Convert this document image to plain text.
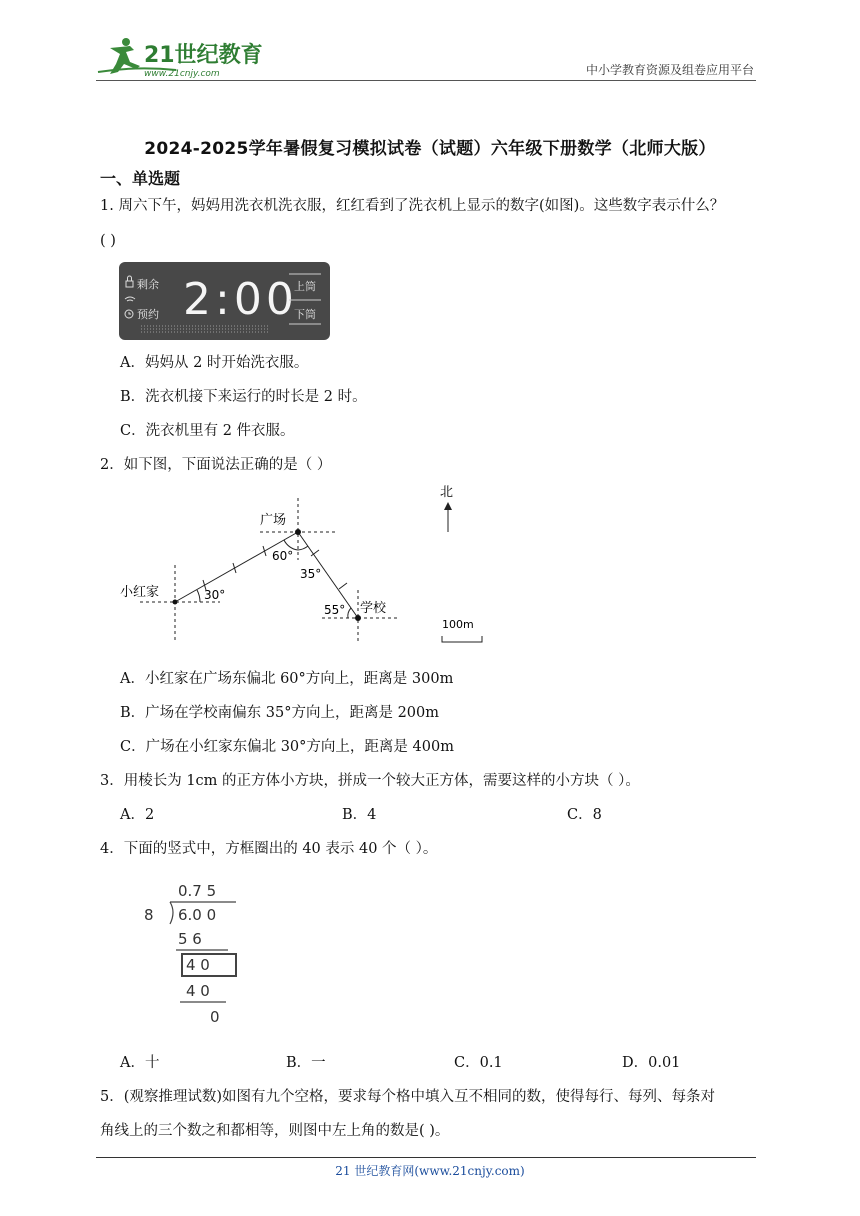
21世纪教育
www.21cnjy.com	中小学教育资源及组卷应用平台
2024-2025学年暑假复习模拟试卷（试题）六年级下册数学（北师大版）
一、单选题
1. 周六下午，妈妈用洗衣机洗衣服，红红看到了洗衣机上显示的数字(如图)。这些数字表示什么？
( )
剩余
预约 2:00
上筒
下筒
A．妈妈从 2 时开始洗衣服。
B．洗衣机接下来运行的时长是 2 时。
C．洗衣机里有 2 件衣服。
2．如下图，下面说法正确的是（ ）
北
广场
小红家
学校
30°
60°
35°
55°
100m
A．小红家在广场东偏北 60°方向上，距离是 300m
B．广场在学校南偏东 35°方向上，距离是 200m
C．广场在小红家东偏北 30°方向上，距离是 400m
3．用棱长为 1cm 的正方体小方块，拼成一个较大正方体，需要这样的小方块（ ）。
A．2	B．4	C．8
4．下面的竖式中，方框圈出的 40 表示 40 个（ ）。
0.7 5
8 6.0 0
5 6
4 0
4 0
0
A．十	B．一	C．0.1	D．0.01
5．(观察推理试数)如图有九个空格，要求每个格中填入互不相同的数，使得每行、每列、每条对
角线上的三个数之和都相等，则图中左上角的数是( )。
21 世纪教育网(www.21cnjy.com)
